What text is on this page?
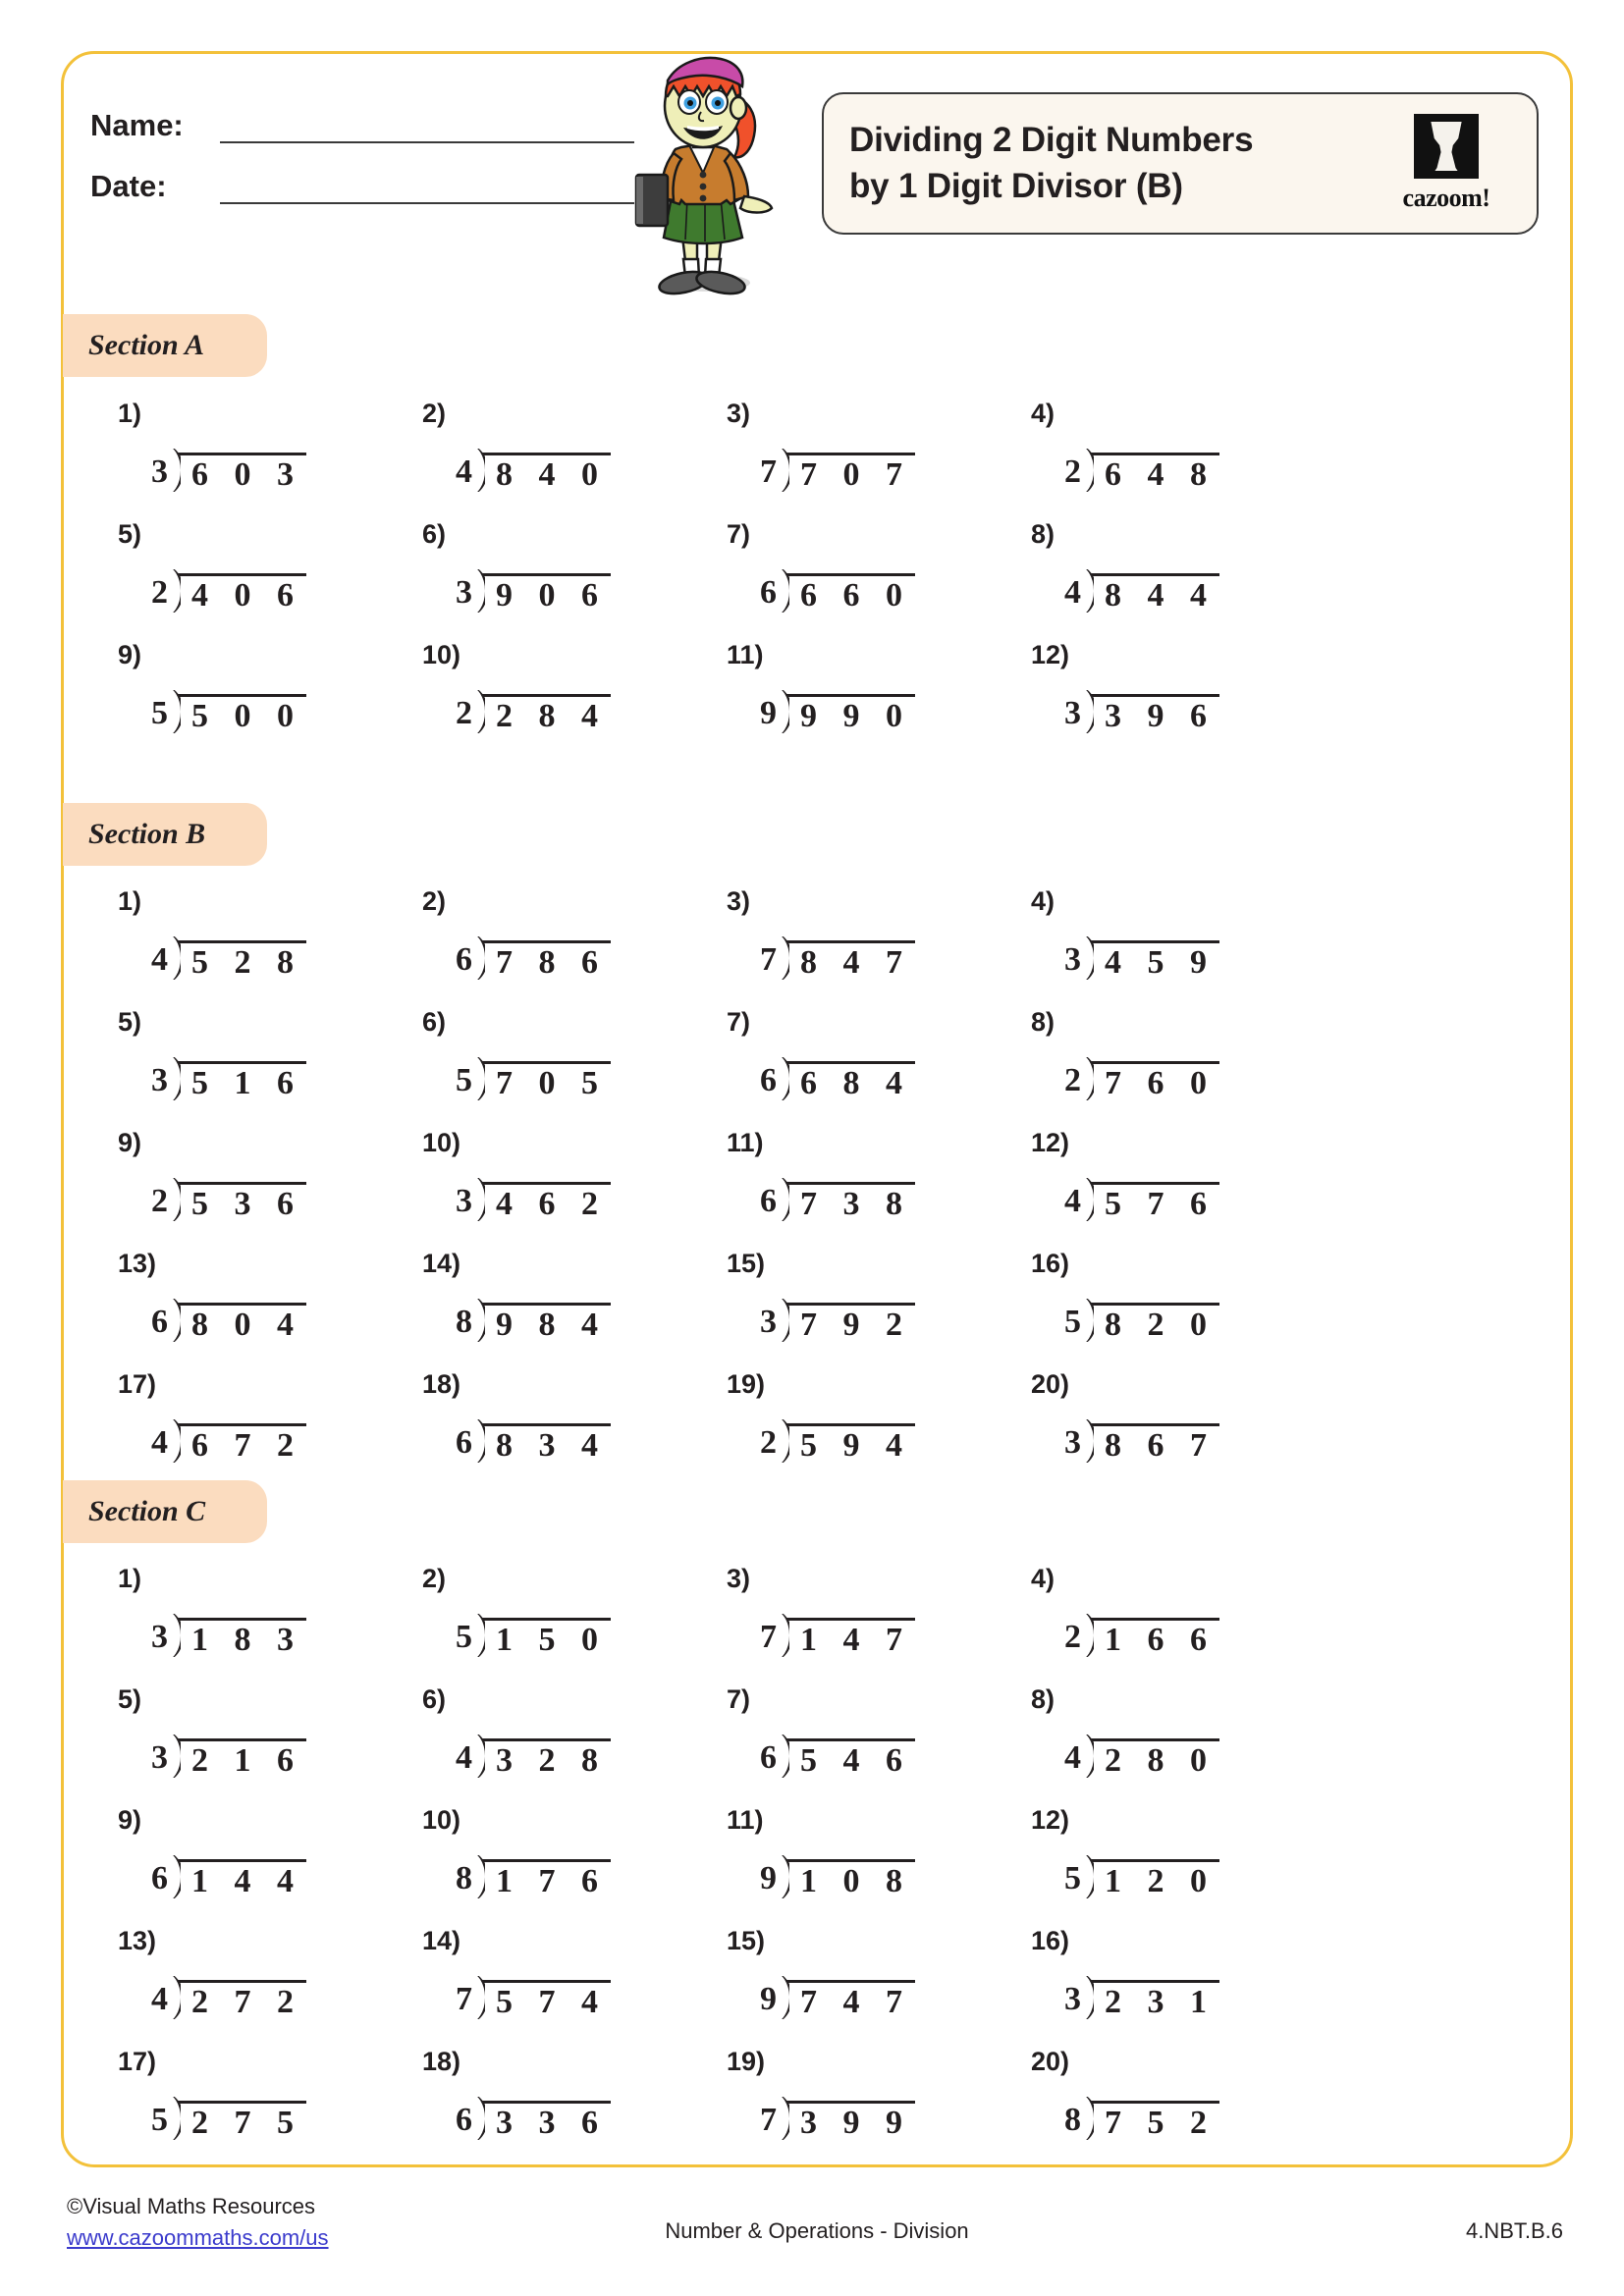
Name:
Date:
Dividing 2 Digit Numbers
by 1 Digit Divisor (B)	cazoom!
Section A
1)
3 6 0 3
2)
4 8 4 0
3)
7 7 0 7
4)
2 6 4 8
5)
2 4 0 6
6)
3 9 0 6
7)
6 6 6 0
8)
4 8 4 4
9)
5 5 0 0
10)
2 2 8 4
11)
9 9 9 0
12)
3 3 9 6
Section B
1)
4 5 2 8
2)
6 7 8 6
3)
7 8 4 7
4)
3 4 5 9
5)
3 5 1 6
6)
5 7 0 5
7)
6 6 8 4
8)
2 7 6 0
9)
2 5 3 6
10)
3 4 6 2
11)
6 7 3 8
12)
4 5 7 6
13)
6 8 0 4
14)
8 9 8 4
15)
3 7 9 2
16)
5 8 2 0
17)
4 6 7 2
18)
6 8 3 4
19)
2 5 9 4
20)
3 8 6 7
Section C
1)
3 1 8 3
2)
5 1 5 0
3)
7 1 4 7
4)
2 1 6 6
5)
3 2 1 6
6)
4 3 2 8
7)
6 5 4 6
8)
4 2 8 0
9)
6 1 4 4
10)
8 1 7 6
11)
9 1 0 8
12)
5 1 2 0
13)
4 2 7 2
14)
7 5 7 4
15)
9 7 4 7
16)
3 2 3 1
17)
5 2 7 5
18)
6 3 3 6
19)
7 3 9 9
20)
8 7 5 2
©Visual Maths Resources
www.cazoommaths.com/us	Number & Operations - Division	4.NBT.B.6
